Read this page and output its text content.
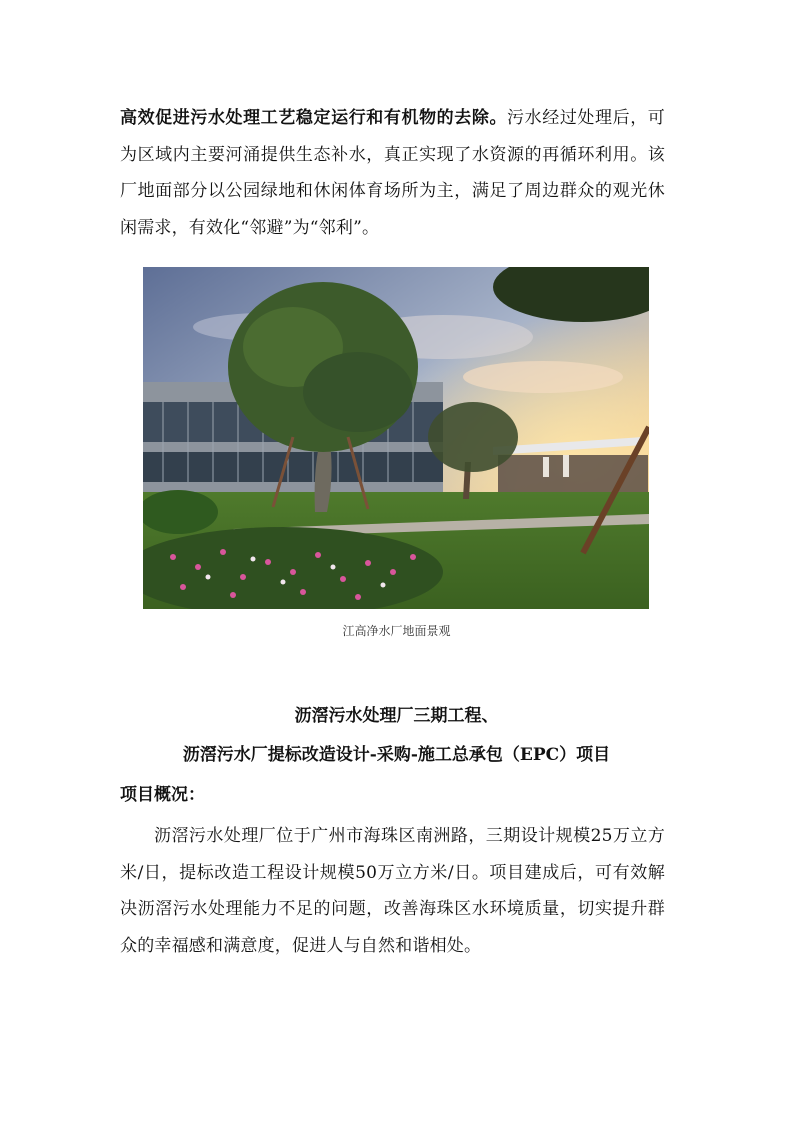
高效促进污水处理工艺稳定运行和有机物的去除。污水经过处理后，可为区域内主要河涌提供生态补水，真正实现了水资源的再循环利用。该厂地面部分以公园绿地和休闲体育场所为主，满足了周边群众的观光休闲需求，有效化“邻避”为“邻利”。

江高净水厂地面景观
沥滘污水处理厂三期工程、
沥滘污水厂提标改造设计-采购-施工总承包（EPC）项目
项目概况：

沥滘污水处理厂位于广州市海珠区南洲路，三期设计规模25万立方米/日，提标改造工程设计规模50万立方米/日。项目建成后，可有效解决沥滘污水处理能力不足的问题，改善海珠区水环境质量，切实提升群众的幸福感和满意度，促进人与自然和谐相处。
